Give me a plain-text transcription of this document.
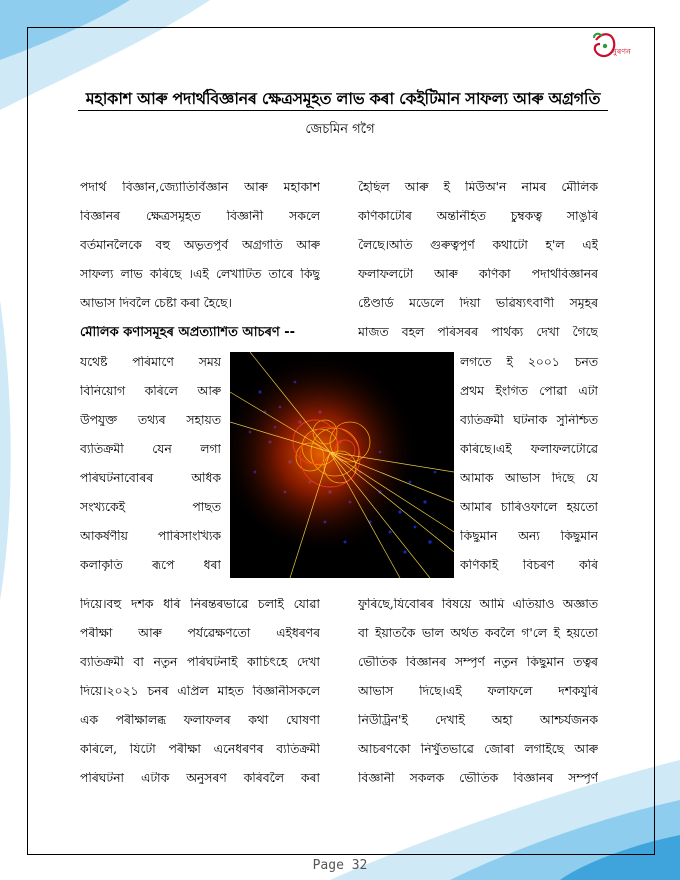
নুৰণন
মহাকাশ আৰু পদাৰ্থবিজ্ঞানৰ ক্ষেত্ৰসমূহত লাভ কৰা কেইটিমান সাফল্য আৰু অগ্ৰগতি
জেচমিন গগৈ
পদাৰ্থ বিজ্ঞান,জ্যোতিৰ্বিজ্ঞান আৰু মহাকাশ
বিজ্ঞানৰ ক্ষেত্ৰসমূহত বিজ্ঞানী সকলে
বৰ্তমানলৈকে বহু অভূতপূৰ্ব অগ্ৰগতি আৰু
সাফল্য লাভ কৰিছে ।এই লেখাটিত তাৰে কিছু
আভাস দিবলৈ চেষ্টা কৰা হৈছে।
মৌলিক কণাসমূহৰ অপ্ৰত্যাশিত আচৰণ --
যথেষ্ট পৰিমাণে সময়
বিনিয়োগ কৰিলে আৰু
উপযুক্ত তথ্যৰ সহায়ত
ব্যতিক্ৰমী যেন লগা
পৰিঘটনাবোৰৰ অধিক
সংখ্যকেই পাছত
আকৰ্ষণীয় পাৰিসাংখ্যিক
কলাকৃতি ৰূপে ধৰা
দিয়ে।বহু দশক ধৰি নিৰন্তৰভাৱে চলাই যোৱা
পৰীক্ষা আৰু পৰ্যৱেক্ষণতো এইধৰণৰ
ব্যতিক্ৰমী বা নতুন পৰিঘটনাই কাচিৎহে দেখা
দিয়ে।২০২১ চনৰ এপ্ৰিল মাহত বিজ্ঞানীসকলে
এক পৰীক্ষালব্ধ ফলাফলৰ কথা ঘোষণা
কৰিলে, যিটো পৰীক্ষা এনেধৰণৰ ব্যতিক্ৰমী
পৰিঘটনা এটাক অনুসৰণ কৰিবলৈ কৰা
হৈছিল আৰু ই মিউঅ'ন নামৰ মৌলিক
কণিকাটোৰ অন্তৰ্নিহিত চুম্বকত্ব সাঙুৰি
লৈছে।অতি গুৰুত্বপূৰ্ণ কথাটো হ'ল এই
ফলাফলটো আৰু কণিকা পদাৰ্থবিজ্ঞানৰ
ষ্টেণ্ডাৰ্ড মডেলে দিয়া ভৱিষ্যৎবাণী সমূহৰ
মাজত বহল পৰিসৰৰ পাৰ্থক্য দেখা গৈছে
লগতে ই ২০০১ চনত
প্ৰথম ইংগিত পোৱা এটা
ব্যতিক্ৰমী ঘটনাক সুনিশ্চিত
কৰিছে।এই ফলাফলটোৱে
আমাক আভাস দিছে যে
আমাৰ চাৰিওফালে হয়তো
কিছুমান অন্য কিছুমান
কণিকাই বিচৰণ কৰি
ফুৰিছে,যিবোৰৰ বিষয়ে আমি এতিয়াও অজ্ঞাত
বা ইয়াতকৈ ভাল অৰ্থত কবলৈ গ'লে ই হয়তো
ভৌতিক বিজ্ঞানৰ সম্পূৰ্ণ নতুন কিছুমান তত্বৰ
আভাস দিছে।এই ফলাফলে দশকযুৰি
নিউট্ৰিন'ই দেখাই অহা আশ্চৰ্যজনক
আচৰণকো নিখুঁতভাৱে জোৰা লগাইছে আৰু
বিজ্ঞানী সকলক ভৌতিক বিজ্ঞানৰ সম্পূৰ্ণ
Page 32
